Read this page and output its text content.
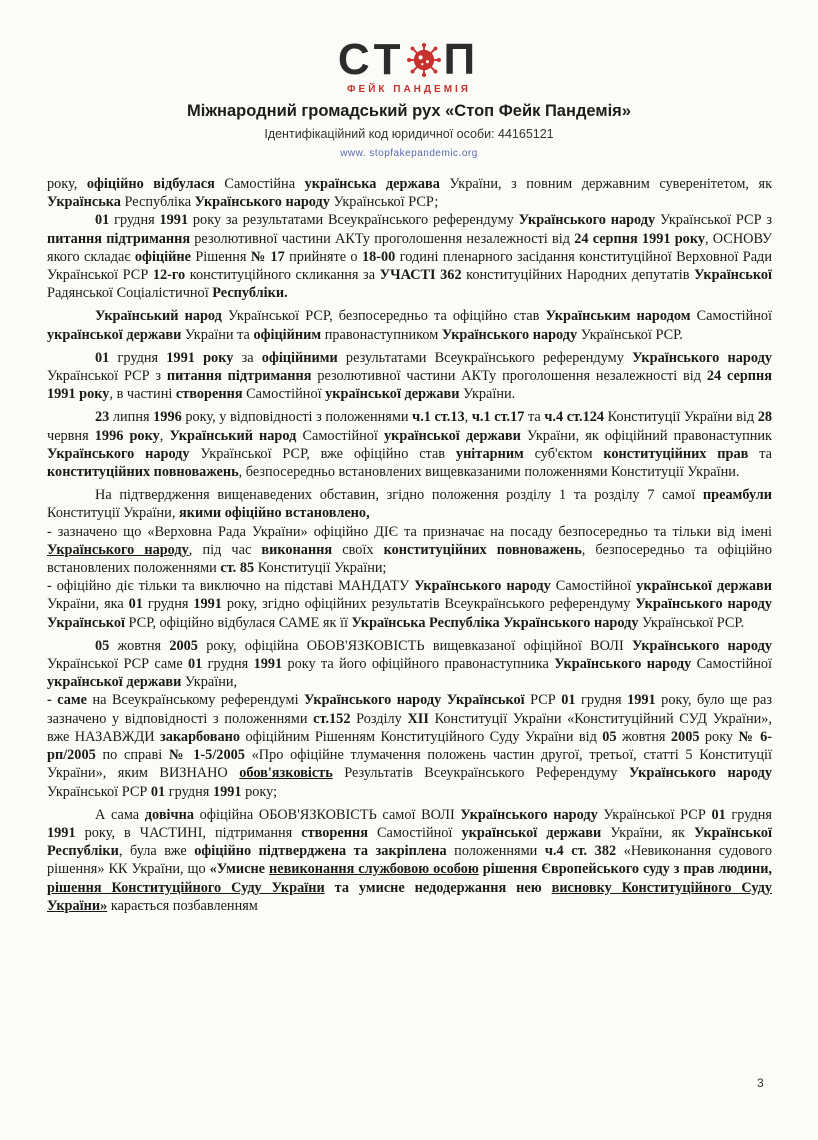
СТ П
ФЕЙК ПАНДЕМІЯ
Міжнародний громадський рух «Стоп Фейк Пандемія»
Ідентифікаційний код юридичної особи: 44165121
www. stopfakepandemic.org

року, офіційно відбулася Самостійна українська держава України, з повним державним суверенітетом, як Українська Республіка Українського народу Української РСР;

01 грудня 1991 року за результатами Всеукраїнського референдуму Українського народу Української РСР з питання підтримання резолютивної частини АКТу проголошення незалежності від 24 серпня 1991 року, ОСНОВУ якого складає офіційне Рішення № 17 прийняте о 18-00 годині пленарного засідання конституційної Верховної Ради Української РСР 12-го конституційного скликання за УЧАСТІ 362 конституційних Народних депутатів Української Радянської Соціалістичної Республіки.

Український народ Української РСР, безпосередньо та офіційно став Українським народом Самостійної української держави України та офіційним правонаступником Українського народу Української РСР.

01 грудня 1991 року за офіційними результатами Всеукраїнського референдуму Українського народу Української РСР з питання підтримання резолютивної частини АКТу проголошення незалежності від 24 серпня 1991 року, в частині створення Самостійної української держави України.

23 липня 1996 року, у відповідності з положеннями ч.1 ст.13, ч.1 ст.17 та ч.4 ст.124 Конституції України від 28 червня 1996 року, Український народ Самостійної української держави України, як офіційний правонаступник Українського народу Української РСР, вже офіційно став унітарним суб'єктом конституційних прав та конституційних повноважень, безпосередньо встановлених вищевказаними положеннями Конституції України.

На підтвердження вищенаведених обставин, згідно положення розділу 1 та розділу 7 самої преамбули Конституції України, якими офіційно встановлено,

- зазначено що «Верховна Рада України» офіційно ДІЄ та призначає на посаду безпосередньо та тільки від імені Українського народу, під час виконання своїх конституційних повноважень, безпосередньо та офіційно встановлених положеннями ст. 85 Конституції України;

- офіційно діє тільки та виключно на підставі МАНДАТУ Українського народу Самостійної української держави України, яка 01 грудня 1991 року, згідно офіційних результатів Всеукраїнського референдуму Українського народу Української РСР, офіційно відбулася САМЕ як її Українська Республіка Українського народу Української РСР.

05 жовтня 2005 року, офіційна ОБОВ'ЯЗКОВІСТЬ вищевказаної офіційної ВОЛІ Українського народу Української РСР саме 01 грудня 1991 року та його офіційного правонаступника Українського народу Самостійної української держави України,

- саме на Всеукраїнському референдумі Українського народу Української РСР 01 грудня 1991 року, було ще раз зазначено у відповідності з положеннями ст.152 Розділу XII Конституції України «Конституційний СУД України», вже НАЗАВЖДИ закарбовано офіційним Рішенням Конституційного Суду України від 05 жовтня 2005 року № 6-рп/2005 по справі № 1-5/2005 «Про офіційне тлумачення положень частин другої, третьої, статті 5 Конституції України», яким ВИЗНАНО обов'язковість Результатів Всеукраїнського Референдуму Українського народу Української РСР 01 грудня 1991 року;

А сама довічна офіційна ОБОВ'ЯЗКОВІСТЬ самої ВОЛІ Українського народу Української РСР 01 грудня 1991 року, в ЧАСТИНІ, підтримання створення Самостійної української держави України, як Української Республіки, була вже офіційно підтверджена та закріплена положеннями ч.4 ст. 382 «Невиконання судового рішення» КК України, що «Умисне невиконання службовою особою рішення Європейського суду з прав людини, рішення Конституційного Суду України та умисне недодержання нею висновку Конституційного Суду України» карається позбавленням

3
